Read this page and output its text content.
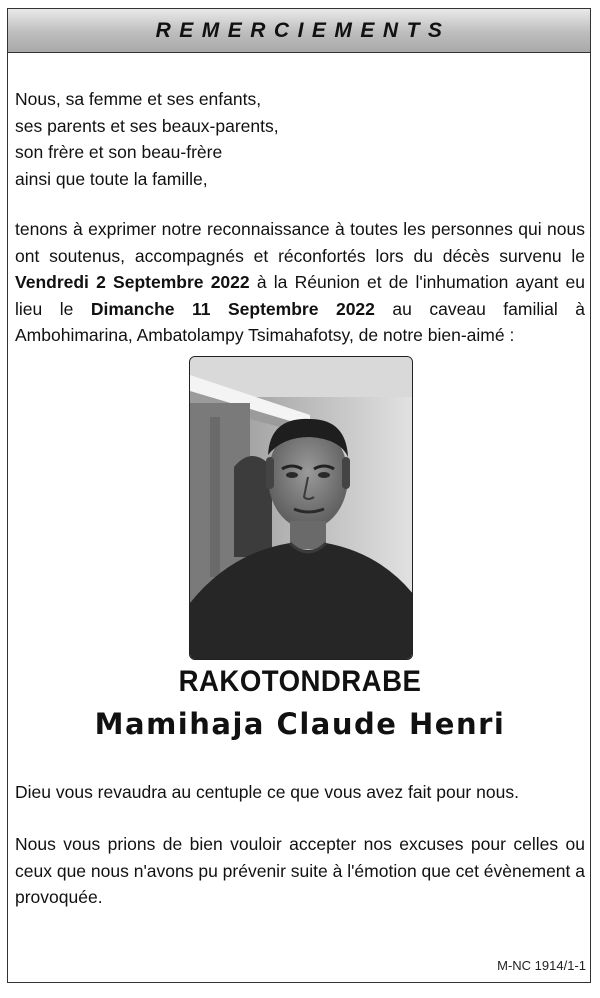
REMERCIEMENTS
Nous, sa femme et ses enfants,
ses parents et ses beaux-parents,
son frère et son beau-frère
ainsi que toute la famille,
tenons à exprimer notre reconnaissance à toutes les personnes qui nous ont soutenus, accompagnés et réconfortés lors du décès survenu le Vendredi 2 Septembre 2022 à la Réunion et de l'inhumation ayant eu lieu le Dimanche 11 Septembre 2022 au caveau familial à Ambohimarina, Ambatolampy Tsimahafotsy, de notre bien-aimé :
RAKOTONDRABE
Mamihaja Claude Henri
Dieu vous revaudra au centuple ce que vous avez fait pour nous.
Nous vous prions de bien vouloir accepter nos excuses pour celles ou ceux que nous n'avons pu prévenir suite à l'émotion que cet évènement a provoquée.
M-NC 1914/1-1
